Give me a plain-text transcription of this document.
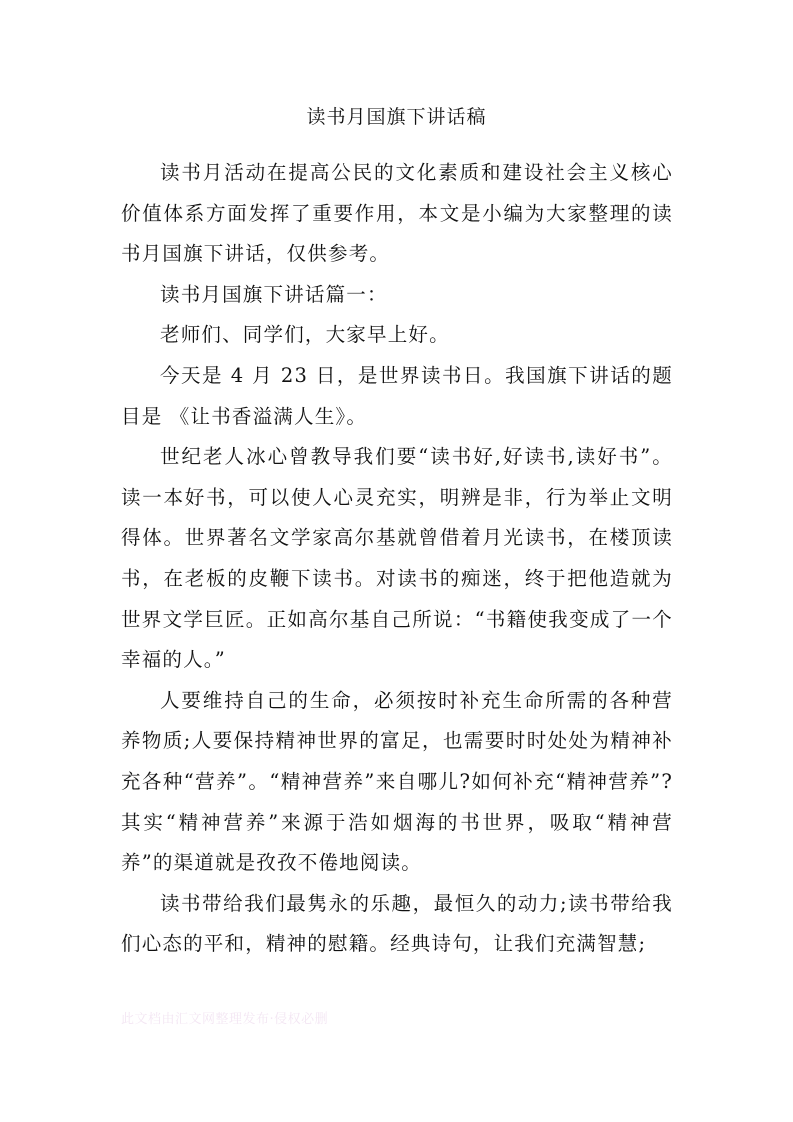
读书月国旗下讲话稿

读书月活动在提高公民的文化素质和建设社会主义核心价值体系方面发挥了重要作用，本文是小编为大家整理的读书月国旗下讲话，仅供参考。

读书月国旗下讲话篇一：

老师们、同学们，大家早上好。

今天是 4 月 23 日，是世界读书日。我国旗下讲话的题目是 《让书香溢满人生》。

世纪老人冰心曾教导我们要“读书好,好读书,读好书”。读一本好书，可以使人心灵充实，明辨是非，行为举止文明得体。世界著名文学家高尔基就曾借着月光读书，在楼顶读书，在老板的皮鞭下读书。对读书的痴迷，终于把他造就为世界文学巨匠。正如高尔基自己所说：“书籍使我变成了一个幸福的人。”

人要维持自己的生命，必须按时补充生命所需的各种营养物质;人要保持精神世界的富足，也需要时时处处为精神补充各种“营养”。“精神营养”来自哪儿?如何补充“精神营养”?其实“精神营养”来源于浩如烟海的书世界，吸取“精神营养”的渠道就是孜孜不倦地阅读。

读书带给我们最隽永的乐趣，最恒久的动力;读书带给我们心态的平和，精神的慰籍。经典诗句，让我们充满智慧;

此文档由汇文网整理发布·侵权必删
